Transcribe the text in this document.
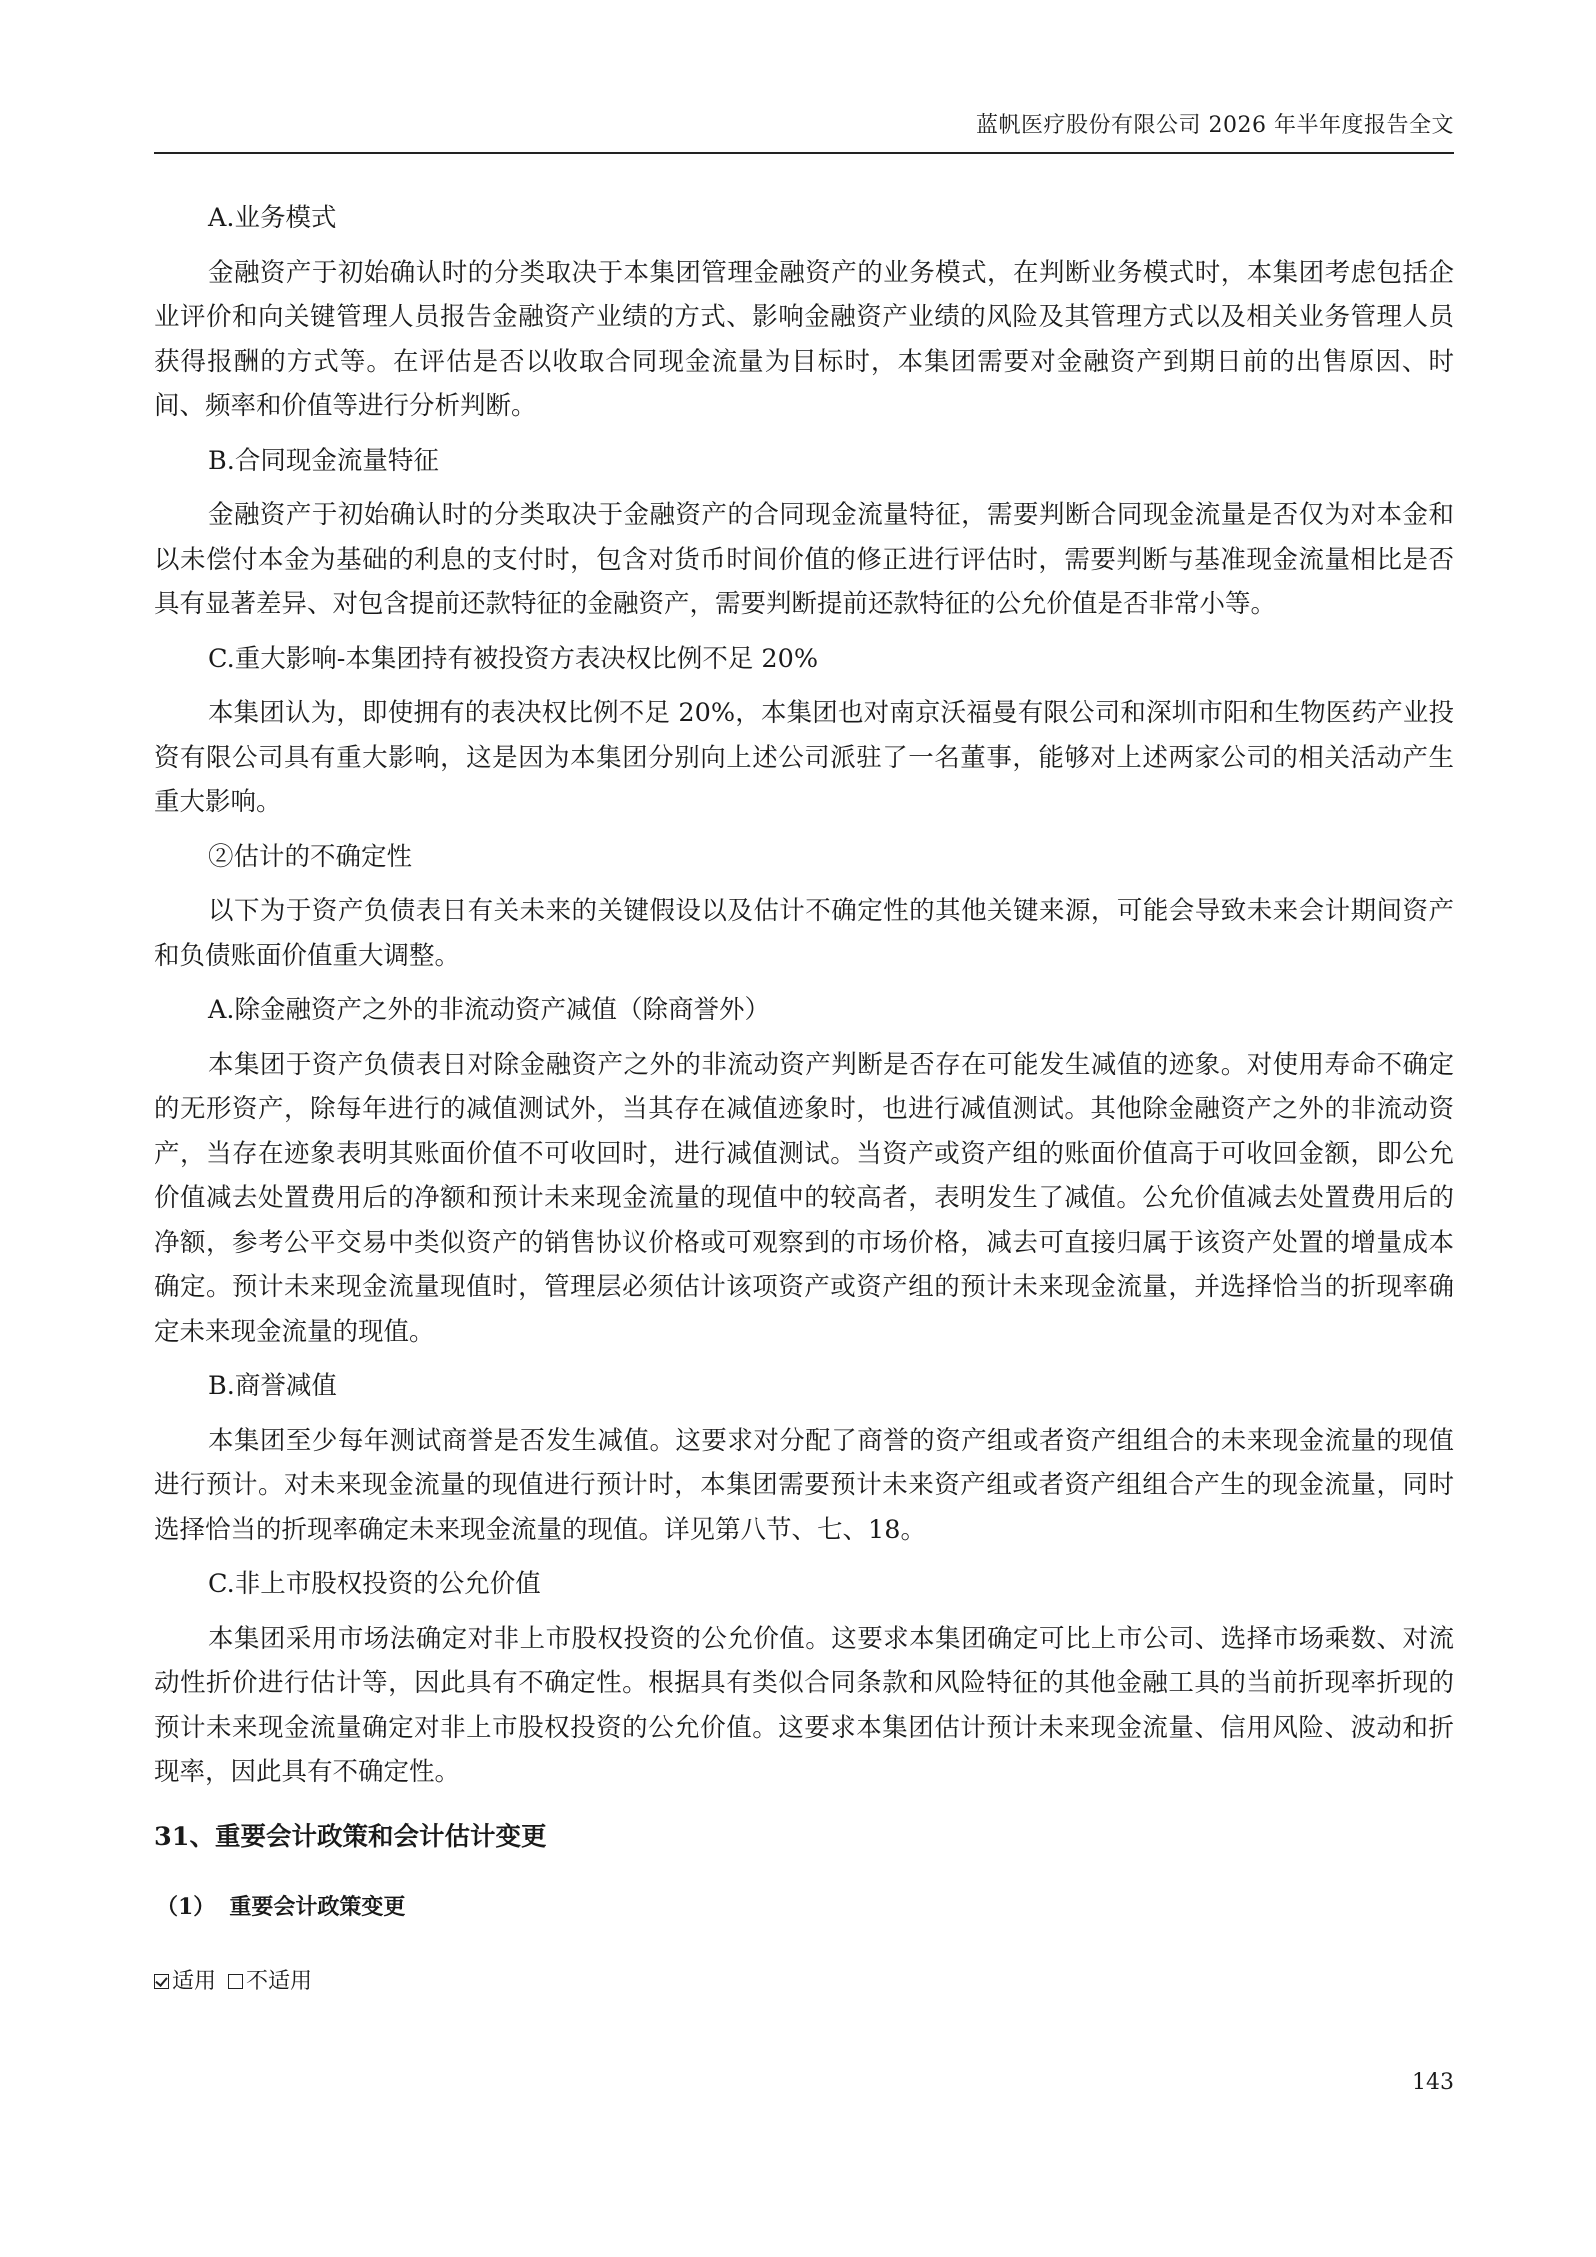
蓝帆医疗股份有限公司 2026 年半年度报告全文

A.业务模式

金融资产于初始确认时的分类取决于本集团管理金融资产的业务模式，在判断业务模式时，本集团考虑包括企业评价和向关键管理人员报告金融资产业绩的方式、影响金融资产业绩的风险及其管理方式以及相关业务管理人员获得报酬的方式等。在评估是否以收取合同现金流量为目标时，本集团需要对金融资产到期日前的出售原因、时间、频率和价值等进行分析判断。

B.合同现金流量特征

金融资产于初始确认时的分类取决于金融资产的合同现金流量特征，需要判断合同现金流量是否仅为对本金和以未偿付本金为基础的利息的支付时，包含对货币时间价值的修正进行评估时，需要判断与基准现金流量相比是否具有显著差异、对包含提前还款特征的金融资产，需要判断提前还款特征的公允价值是否非常小等。

C.重大影响-本集团持有被投资方表决权比例不足 20%

本集团认为，即使拥有的表决权比例不足 20%，本集团也对南京沃福曼有限公司和深圳市阳和生物医药产业投资有限公司具有重大影响，这是因为本集团分别向上述公司派驻了一名董事，能够对上述两家公司的相关活动产生重大影响。

②估计的不确定性

以下为于资产负债表日有关未来的关键假设以及估计不确定性的其他关键来源，可能会导致未来会计期间资产和负债账面价值重大调整。

A.除金融资产之外的非流动资产减值（除商誉外）

本集团于资产负债表日对除金融资产之外的非流动资产判断是否存在可能发生减值的迹象。对使用寿命不确定的无形资产，除每年进行的减值测试外，当其存在减值迹象时，也进行减值测试。其他除金融资产之外的非流动资产，当存在迹象表明其账面价值不可收回时，进行减值测试。当资产或资产组的账面价值高于可收回金额，即公允价值减去处置费用后的净额和预计未来现金流量的现值中的较高者，表明发生了减值。公允价值减去处置费用后的净额，参考公平交易中类似资产的销售协议价格或可观察到的市场价格，减去可直接归属于该资产处置的增量成本确定。预计未来现金流量现值时，管理层必须估计该项资产或资产组的预计未来现金流量，并选择恰当的折现率确定未来现金流量的现值。

B.商誉减值

本集团至少每年测试商誉是否发生减值。这要求对分配了商誉的资产组或者资产组组合的未来现金流量的现值进行预计。对未来现金流量的现值进行预计时，本集团需要预计未来资产组或者资产组组合产生的现金流量，同时选择恰当的折现率确定未来现金流量的现值。详见第八节、七、18。

C.非上市股权投资的公允价值

本集团采用市场法确定对非上市股权投资的公允价值。这要求本集团确定可比上市公司、选择市场乘数、对流动性折价进行估计等，因此具有不确定性。根据具有类似合同条款和风险特征的其他金融工具的当前折现率折现的预计未来现金流量确定对非上市股权投资的公允价值。这要求本集团估计预计未来现金流量、信用风险、波动和折现率，因此具有不确定性。

31、重要会计政策和会计估计变更
（1） 重要会计政策变更
适用 不适用
143
